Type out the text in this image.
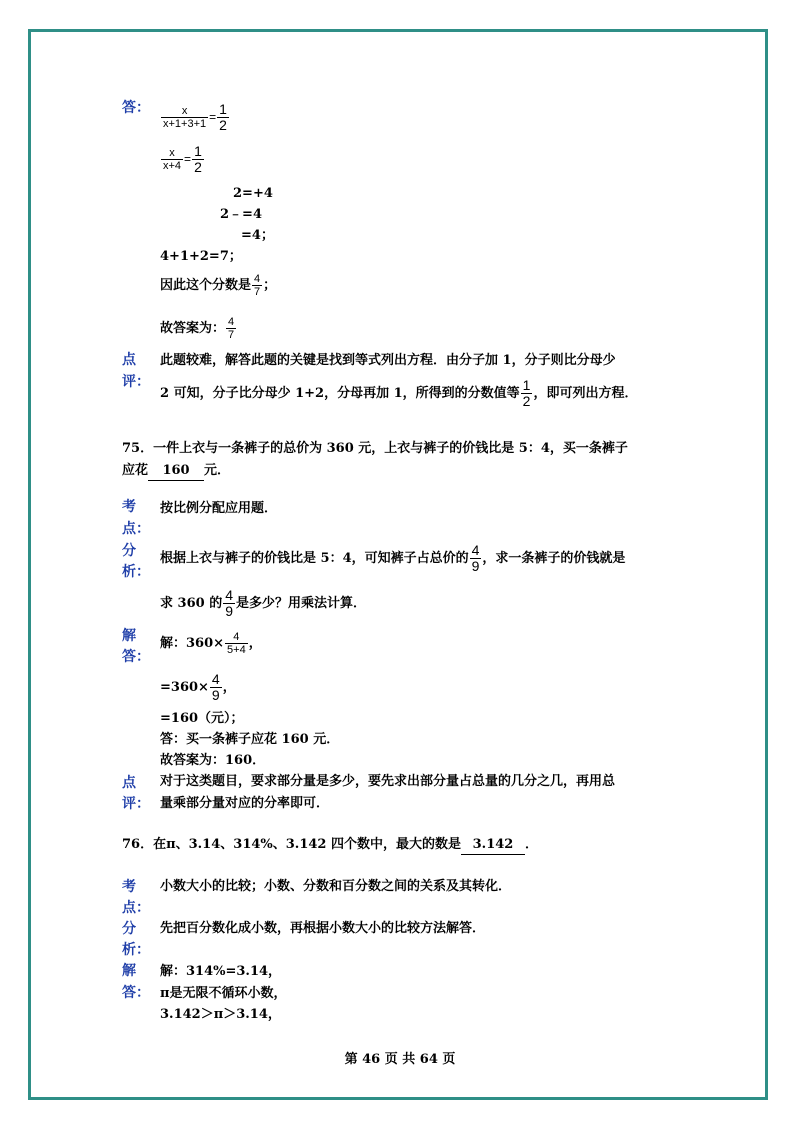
答： $\frac{x}{x+1+3+1} = \frac{1}{2}$
$\frac{x}{x+4} = \frac{1}{2}$
2=+4
2﹣=4
=4；
4+1+2=7；
因此这个分数是 $\frac{4}{7}$ ；
故答案为： $\frac{4}{7}$
点
评：
此题较难，解答此题的关键是找到等式列出方程．由分子加 1，分子则比分母少
2 可知，分子比分母少 1+2，分母再加 1，所得到的分数值等 $\frac{1}{2}$ ，即可列出方程．
75．一件上衣与一条裤子的总价为 360 元，上衣与裤子的价钱比是 5：4，买一条裤子
应花 160 元．
考
点：
按比例分配应用题．
分
析：
根据上衣与裤子的价钱比是 5：4，可知裤子占总价的 $\frac{4}{9}$ ，求一条裤子的价钱就是
求 360 的 $\frac{4}{9}$ 是多少？用乘法计算．
解
答：
解：$360\times \frac{4}{5+4}$ ，
$=360\times \frac{4}{9}$ ，
=160（元）；
答：买一条裤子应花 160 元．
故答案为：160．
点
评：
对于这类题目，要求部分量是多少，要先求出部分量占总量的几分之几，再用总
量乘部分量对应的分率即可．
76．在π、3.14、314%、3.142 四个数中，最大的数是 3.142 ．
考
点：
小数大小的比较；小数、分数和百分数之间的关系及其转化．
分
析：
先把百分数化成小数，再根据小数大小的比较方法解答．
解
答：
解：314%=3.14，
π是无限不循环小数，
3.142＞π＞3.14，
第 46 页 共 64 页
